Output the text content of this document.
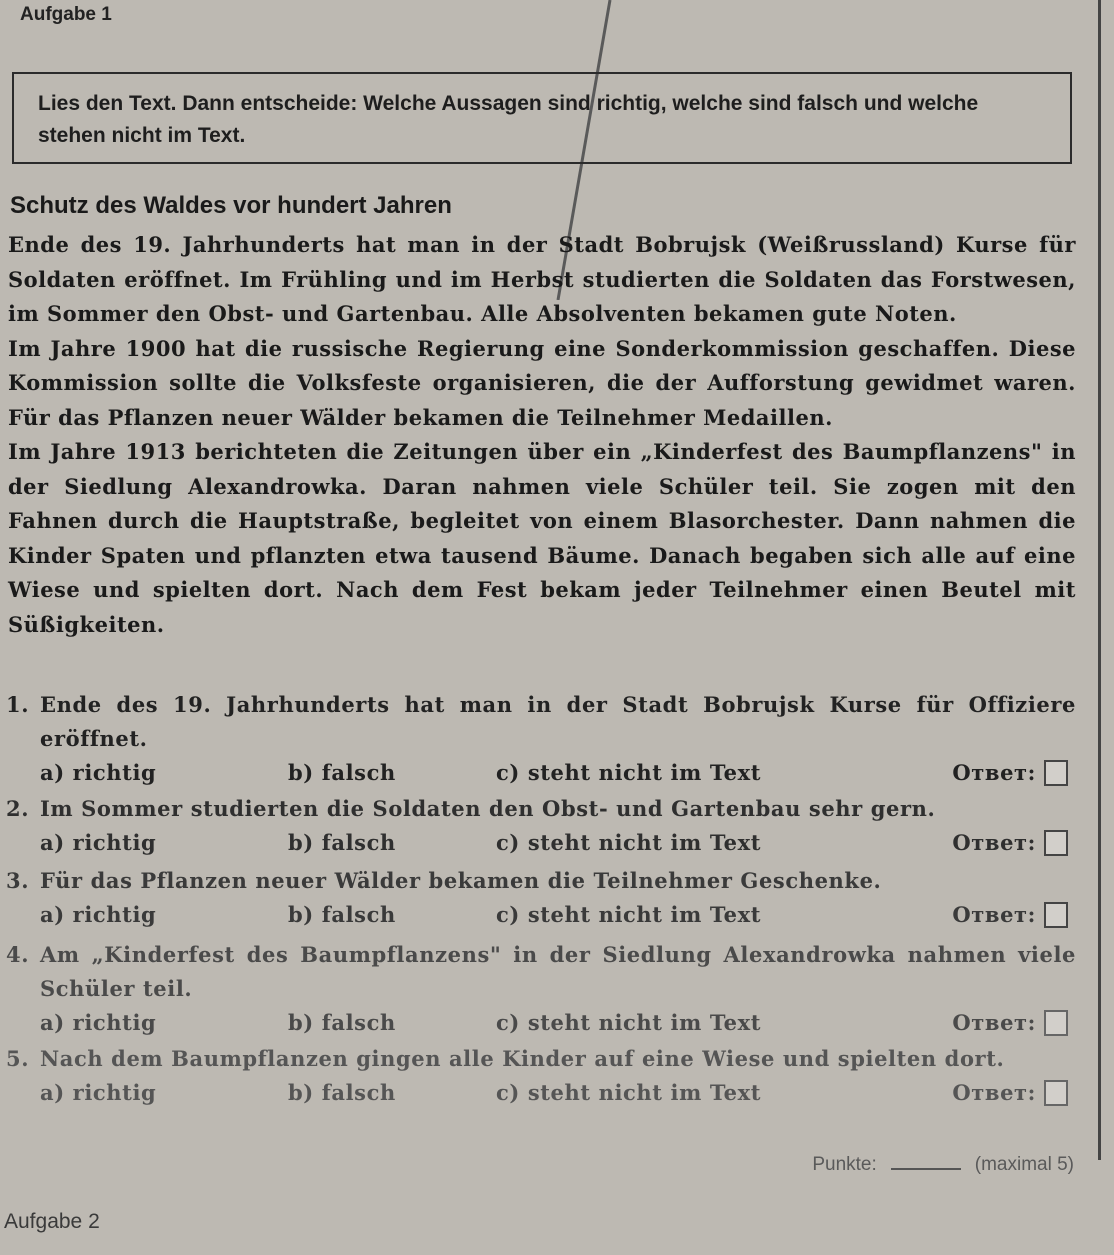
Aufgabe 1
Lies den Text. Dann entscheide: Welche Aussagen sind richtig, welche sind falsch und welche stehen nicht im Text.
Schutz des Waldes vor hundert Jahren

Ende des 19. Jahrhunderts hat man in der Stadt Bobrujsk (Weißrussland) Kurse für Soldaten eröffnet. Im Frühling und im Herbst studierten die Soldaten das Forstwesen, im Sommer den Obst- und Gartenbau. Alle Absolventen bekamen gute Noten.

Im Jahre 1900 hat die russische Regierung eine Sonderkommission geschaffen. Diese Kommission sollte die Volksfeste organisieren, die der Aufforstung gewidmet waren. Für das Pflanzen neuer Wälder bekamen die Teilnehmer Medaillen.

Im Jahre 1913 berichteten die Zeitungen über ein „Kinderfest des Baumpflanzens" in der Siedlung Alexandrowka. Daran nahmen viele Schüler teil. Sie zogen mit den Fahnen durch die Hauptstraße, begleitet von einem Blasorchester. Dann nahmen die Kinder Spaten und pflanzten etwa tausend Bäume. Danach begaben sich alle auf eine Wiese und spielten dort. Nach dem Fest bekam jeder Teilnehmer einen Beutel mit Süßigkeiten.

1. Ende des 19. Jahrhunderts hat man in der Stadt Bobrujsk Kurse für Offiziere eröffnet.
a) richtig	b) falsch	c) steht nicht im Text	Ответ:
2. Im Sommer studierten die Soldaten den Obst- und Gartenbau sehr gern.
a) richtig	b) falsch	c) steht nicht im Text	Ответ:
3. Für das Pflanzen neuer Wälder bekamen die Teilnehmer Geschenke.
a) richtig	b) falsch	c) steht nicht im Text	Ответ:
4. Am „Kinderfest des Baumpflanzens" in der Siedlung Alexandrowka nahmen viele Schüler teil.
a) richtig	b) falsch	c) steht nicht im Text	Ответ:
5. Nach dem Baumpflanzen gingen alle Kinder auf eine Wiese und spielten dort.
a) richtig	b) falsch	c) steht nicht im Text	Ответ:
Punkte:	(maximal 5)
Aufgabe 2
